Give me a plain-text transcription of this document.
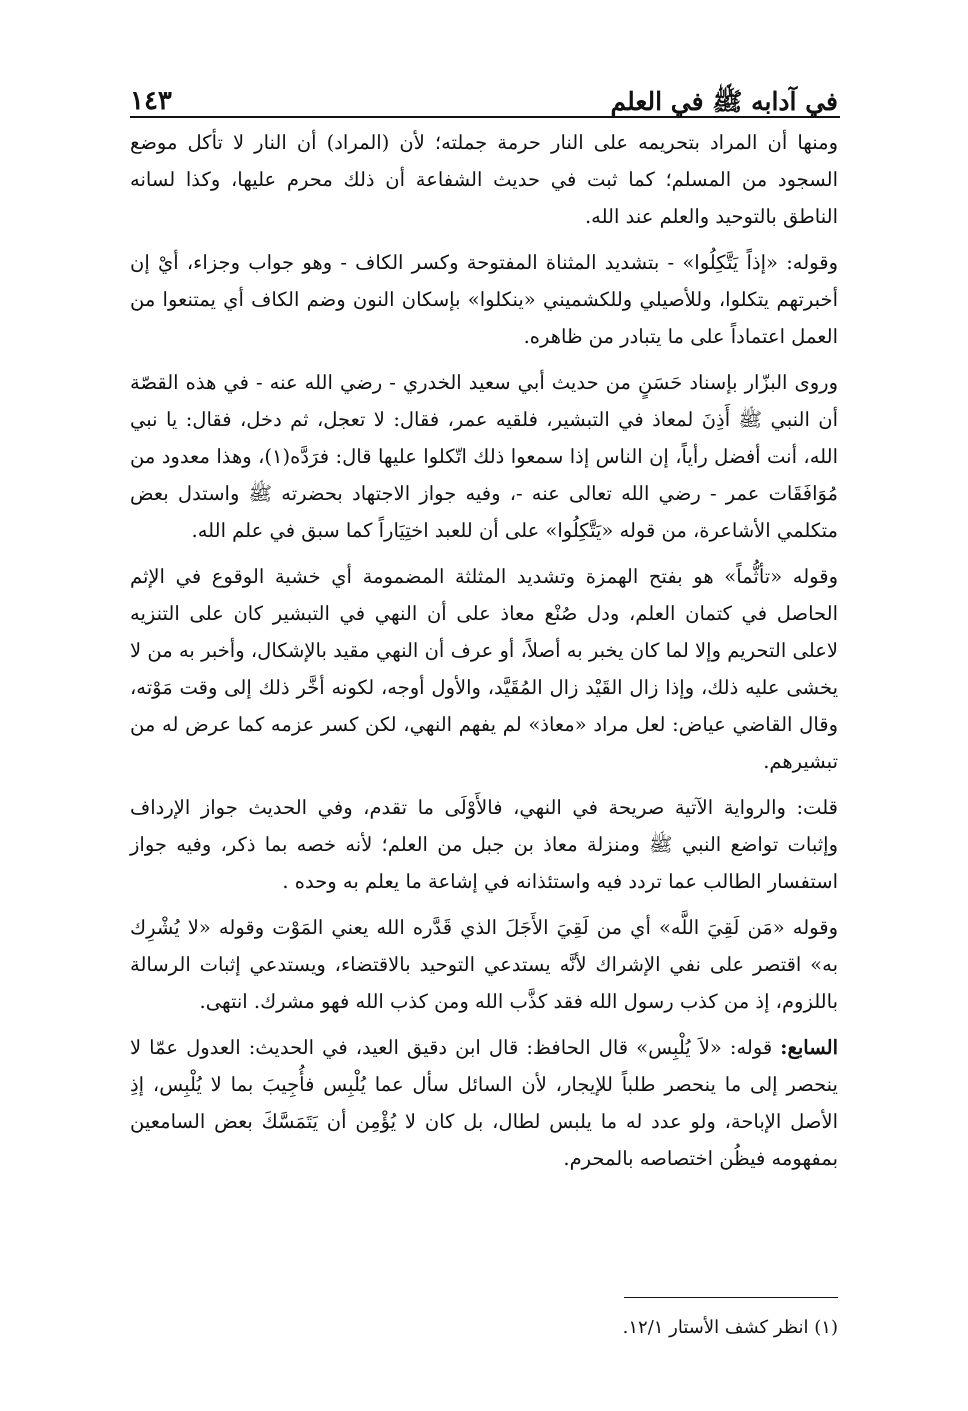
في آدابه ﷺ في العلم
١٤٣

ومنها أن المراد بتحريمه على النار حرمة جملته؛ لأن (المراد) أن النار لا تأكل موضع السجود من المسلم؛ كما ثبت في حديث الشفاعة أن ذلك محرم عليها، وكذا لسانه الناطق بالتوحيد والعلم عند الله.

وقوله: «إذاً يَتَّكِلُوا» - بتشديد المثناة المفتوحة وكسر الكاف - وهو جواب وجزاء، أيْ إن أخبرتهم يتكلوا، وللأصيلي وللكشميني «ينكلوا» بإسكان النون وضم الكاف أي يمتنعوا من العمل اعتماداً على ما يتبادر من ظاهره.

وروى البزّار بإسناد حَسَنٍ من حديث أبي سعيد الخدري - رضي الله عنه - في هذه القصّة أن النبي ﷺ أَذِنَ لمعاذ في التبشير، فلقيه عمر، فقال: لا تعجل، ثم دخل، فقال: يا نبي الله، أنت أفضل رأياً، إن الناس إذا سمعوا ذلك اتّكلوا عليها قال: فرَدَّه(١)، وهذا معدود من مُوَافَقَات عمر - رضي الله تعالى عنه -، وفيه جواز الاجتهاد بحضرته ﷺ واستدل بعض متكلمي الأشاعرة، من قوله «يَتَّكِلُوا» على أن للعبد اختِيَاراً كما سبق في علم الله.

وقوله «تأثُّماً» هو بفتح الهمزة وتشديد المثلثة المضمومة أي خشية الوقوع في الإثم الحاصل في كتمان العلم، ودل صُنْع معاذ على أن النهي في التبشير كان على التنزيه لاعلى التحريم وإلا لما كان يخبر به أصلاً، أو عرف أن النهي مقيد بالإشكال، وأخبر به من لا يخشى عليه ذلك، وإذا زال القَيْد زال المُقَيَّد، والأول أوجه، لكونه أخَّر ذلك إلى وقت مَوْته، وقال القاضي عياض: لعل مراد «معاذ» لم يفهم النهي، لكن كسر عزمه كما عرض له من تبشيرهم.

قلت: والرواية الآتية صريحة في النهي، فالأَوْلَى ما تقدم، وفي الحديث جواز الإرداف وإثبات تواضع النبي ﷺ ومنزلة معاذ بن جبل من العلم؛ لأنه خصه بما ذكر، وفيه جواز استفسار الطالب عما تردد فيه واستئذانه في إشاعة ما يعلم به وحده .

وقوله «مَن لَقِيَ اللَّه» أي من لَقِيَ الأَجَلَ الذي قَدَّره الله يعني المَوْت وقوله «لا يُشْرِك به» اقتصر على نفي الإشراك لأنَّه يستدعي التوحيد بالاقتضاء، ويستدعي إثبات الرسالة باللزوم، إذ من كذب رسول الله فقد كذَّب الله ومن كذب الله فهو مشرك. انتهى.

السابع: قوله: «لاَ يُلْبِس» قال الحافظ: قال ابن دقيق العيد، في الحديث: العدول عمّا لا ينحصر إلى ما ينحصر طلباً للإيجار، لأن السائل سأل عما يُلْبِس فأُجِيبَ بما لا يُلْبِس، إذِ الأصل الإباحة، ولو عدد له ما يلبس لطال، بل كان لا يُؤْمِن أن يَتَمَسَّكَ بعض السامعين بمفهومه فيظُن اختصاصه بالمحرم.

(١) انظر كشف الأستار ١٢/١.
